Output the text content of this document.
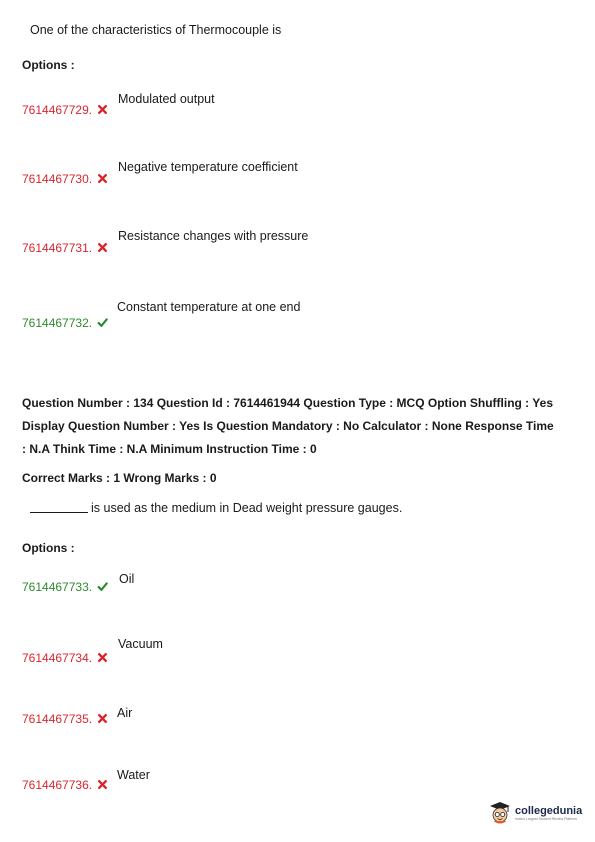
One of the characteristics of Thermocouple is
Options :
Modulated output
7614467729.
Negative temperature coefficient
7614467730.
Resistance changes with pressure
7614467731.
Constant temperature at one end
7614467732.
Question Number : 134 Question Id : 7614461944 Question Type : MCQ Option Shuffling : Yes
Display Question Number : Yes Is Question Mandatory : No Calculator : None Response Time
: N.A Think Time : N.A Minimum Instruction Time : 0
Correct Marks : 1 Wrong Marks : 0
is used as the medium in Dead weight pressure gauges.
Options :
Oil
7614467733.
Vacuum
7614467734.
Air
7614467735.
Water
7614467736.
collegedunia
India's Largest Student Review Platform
